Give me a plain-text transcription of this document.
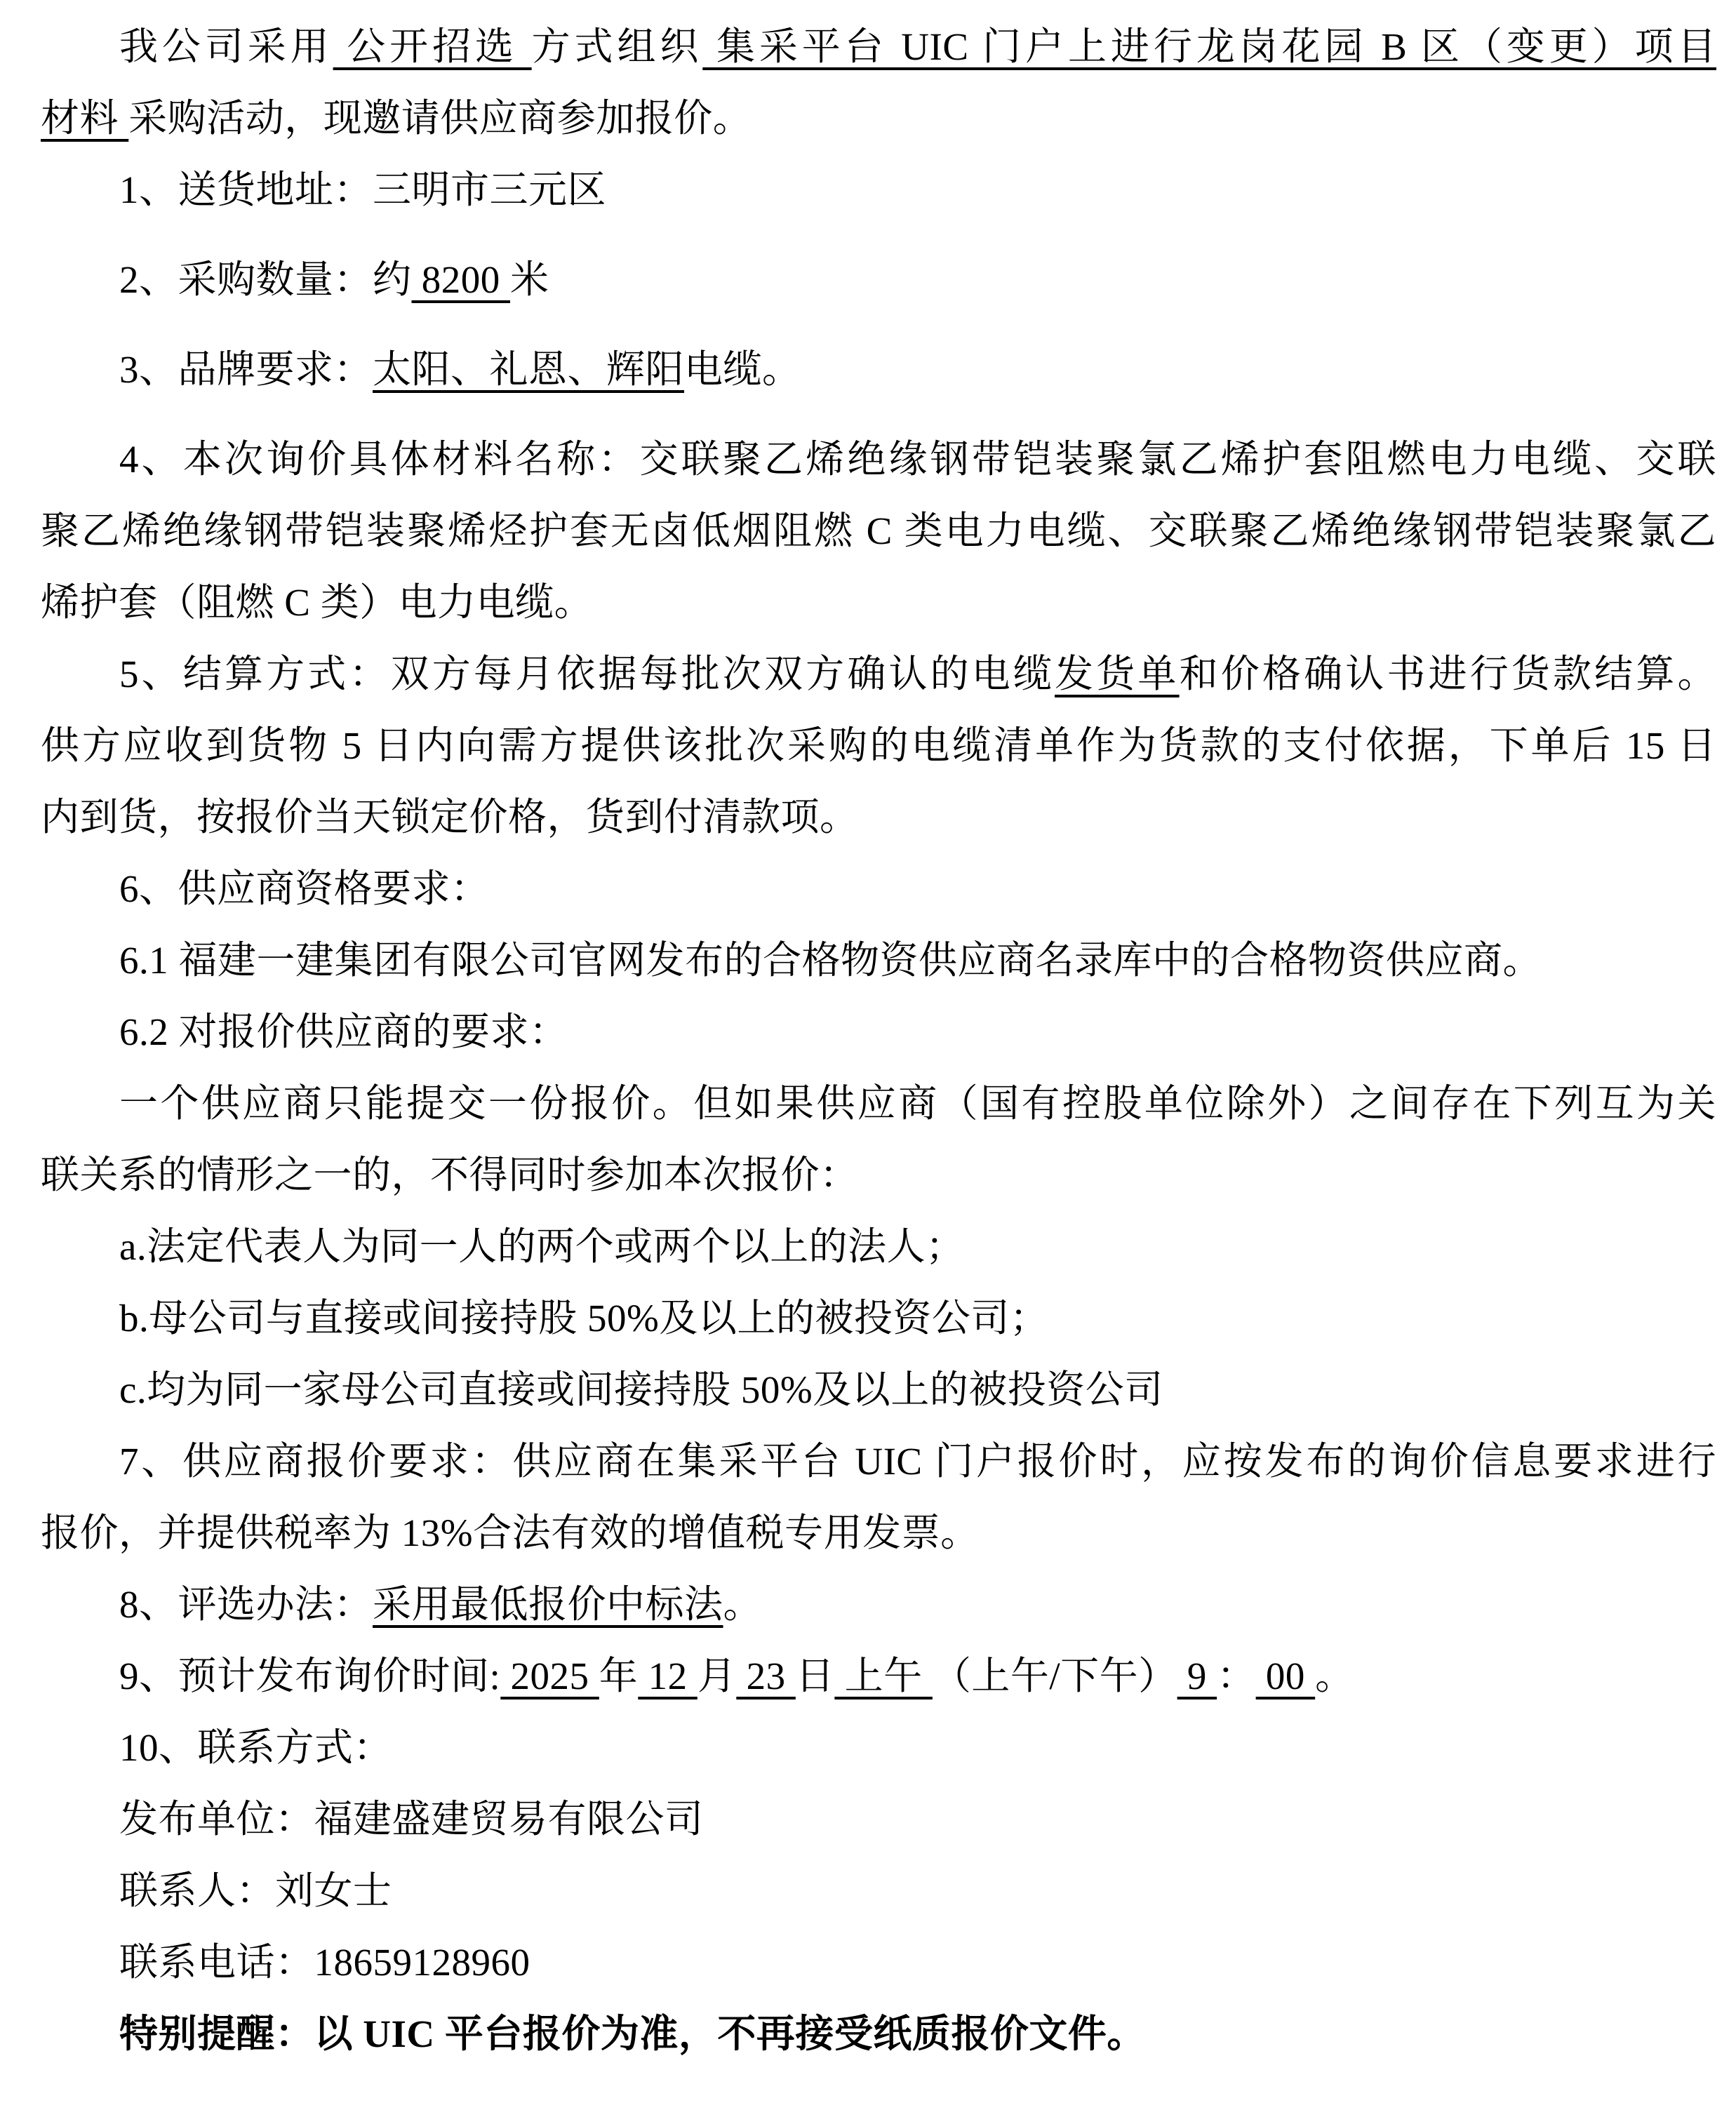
我公司采用 公开招选 方式组织 集采平台 UIC 门户上进行龙岗花园 B 区（变更）项目
材料 采购活动，现邀请供应商参加报价。
1、送货地址：三明市三元区
2、采购数量：约 8200 米
3、品牌要求：太阳、礼恩、辉阳电缆。
4、本次询价具体材料名称：交联聚乙烯绝缘钢带铠装聚氯乙烯护套阻燃电力电缆、交联
聚乙烯绝缘钢带铠装聚烯烃护套无卤低烟阻燃 C 类电力电缆、交联聚乙烯绝缘钢带铠装聚氯乙
烯护套（阻燃 C 类）电力电缆。
5、结算方式：双方每月依据每批次双方确认的电缆发货单和价格确认书进行货款结算。
供方应收到货物 5 日内向需方提供该批次采购的电缆清单作为货款的支付依据，下单后 15 日
内到货，按报价当天锁定价格，货到付清款项。
6、供应商资格要求：
6.1 福建一建集团有限公司官网发布的合格物资供应商名录库中的合格物资供应商。
6.2 对报价供应商的要求：
一个供应商只能提交一份报价。但如果供应商（国有控股单位除外）之间存在下列互为关
联关系的情形之一的，不得同时参加本次报价：
a.法定代表人为同一人的两个或两个以上的法人；
b.母公司与直接或间接持股 50%及以上的被投资公司；
c.均为同一家母公司直接或间接持股 50%及以上的被投资公司
7、供应商报价要求：供应商在集采平台 UIC 门户报价时，应按发布的询价信息要求进行
报价，并提供税率为 13%合法有效的增值税专用发票。
8、评选办法：采用最低报价中标法。
9、预计发布询价时间: 2025 年 12 月 23 日 上午 （上午/下午） 9 ： 00 。
10、联系方式：
发布单位：福建盛建贸易有限公司
联系人：刘女士
联系电话：18659128960
特别提醒：以 UIC 平台报价为准，不再接受纸质报价文件。
